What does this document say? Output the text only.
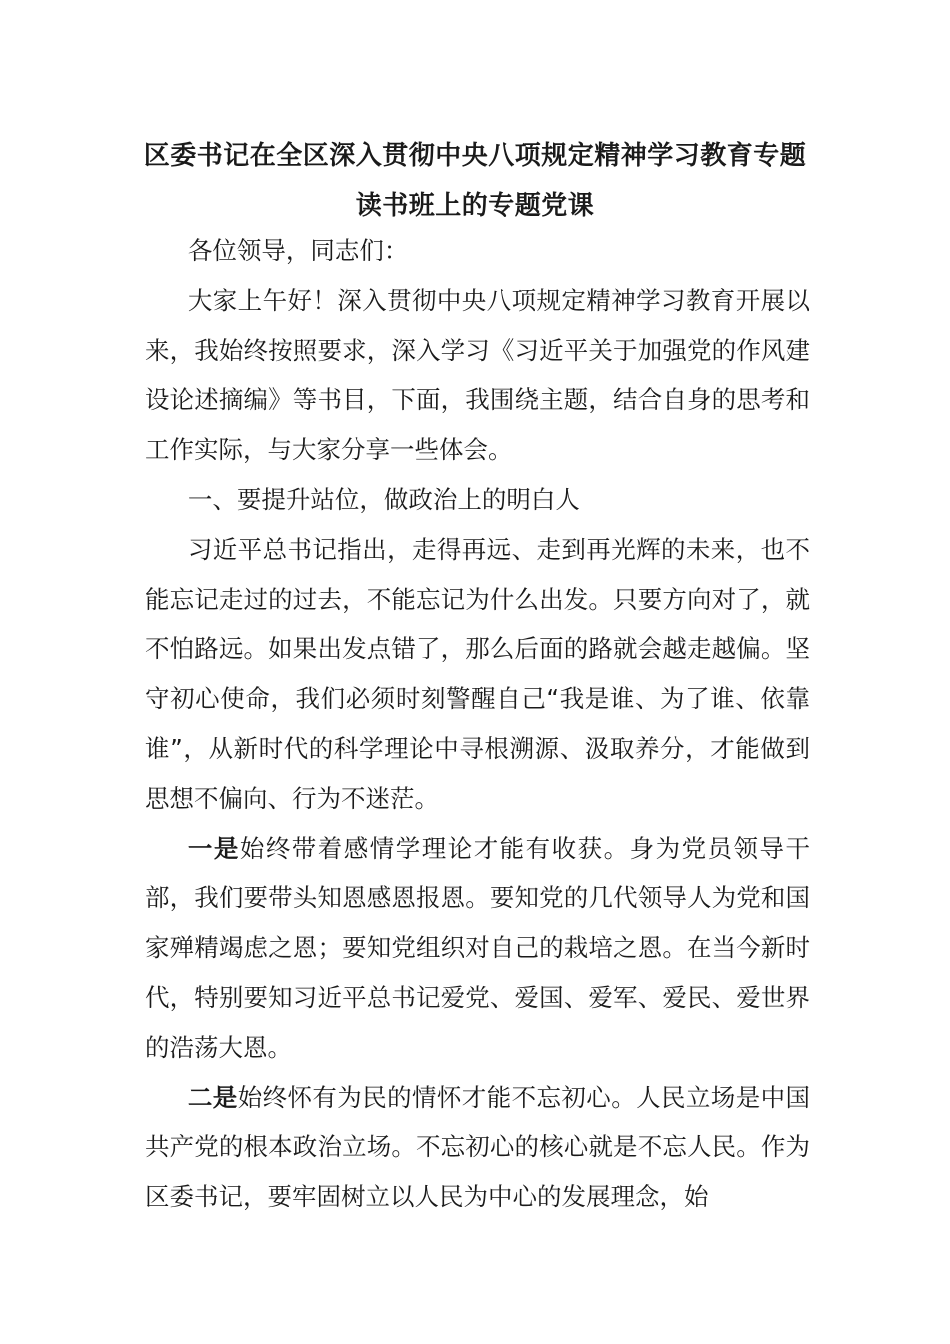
区委书记在全区深入贯彻中央八项规定精神学习教育专题
读书班上的专题党课

各位领导，同志们：

大家上午好！深入贯彻中央八项规定精神学习教育开展以来，我始终按照要求，深入学习《习近平关于加强党的作风建设论述摘编》等书目，下面，我围绕主题，结合自身的思考和工作实际，与大家分享一些体会。

一、要提升站位，做政治上的明白人

习近平总书记指出，走得再远、走到再光辉的未来，也不能忘记走过的过去，不能忘记为什么出发。只要方向对了，就不怕路远。如果出发点错了，那么后面的路就会越走越偏。坚守初心使命，我们必须时刻警醒自己“我是谁、为了谁、依靠谁”，从新时代的科学理论中寻根溯源、汲取养分，才能做到思想不偏向、行为不迷茫。

一是始终带着感情学理论才能有收获。身为党员领导干部，我们要带头知恩感恩报恩。要知党的几代领导人为党和国家殚精竭虑之恩；要知党组织对自己的栽培之恩。在当今新时代，特别要知习近平总书记爱党、爱国、爱军、爱民、爱世界的浩荡大恩。

二是始终怀有为民的情怀才能不忘初心。人民立场是中国共产党的根本政治立场。不忘初心的核心就是不忘人民。作为区委书记，要牢固树立以人民为中心的发展理念，始
